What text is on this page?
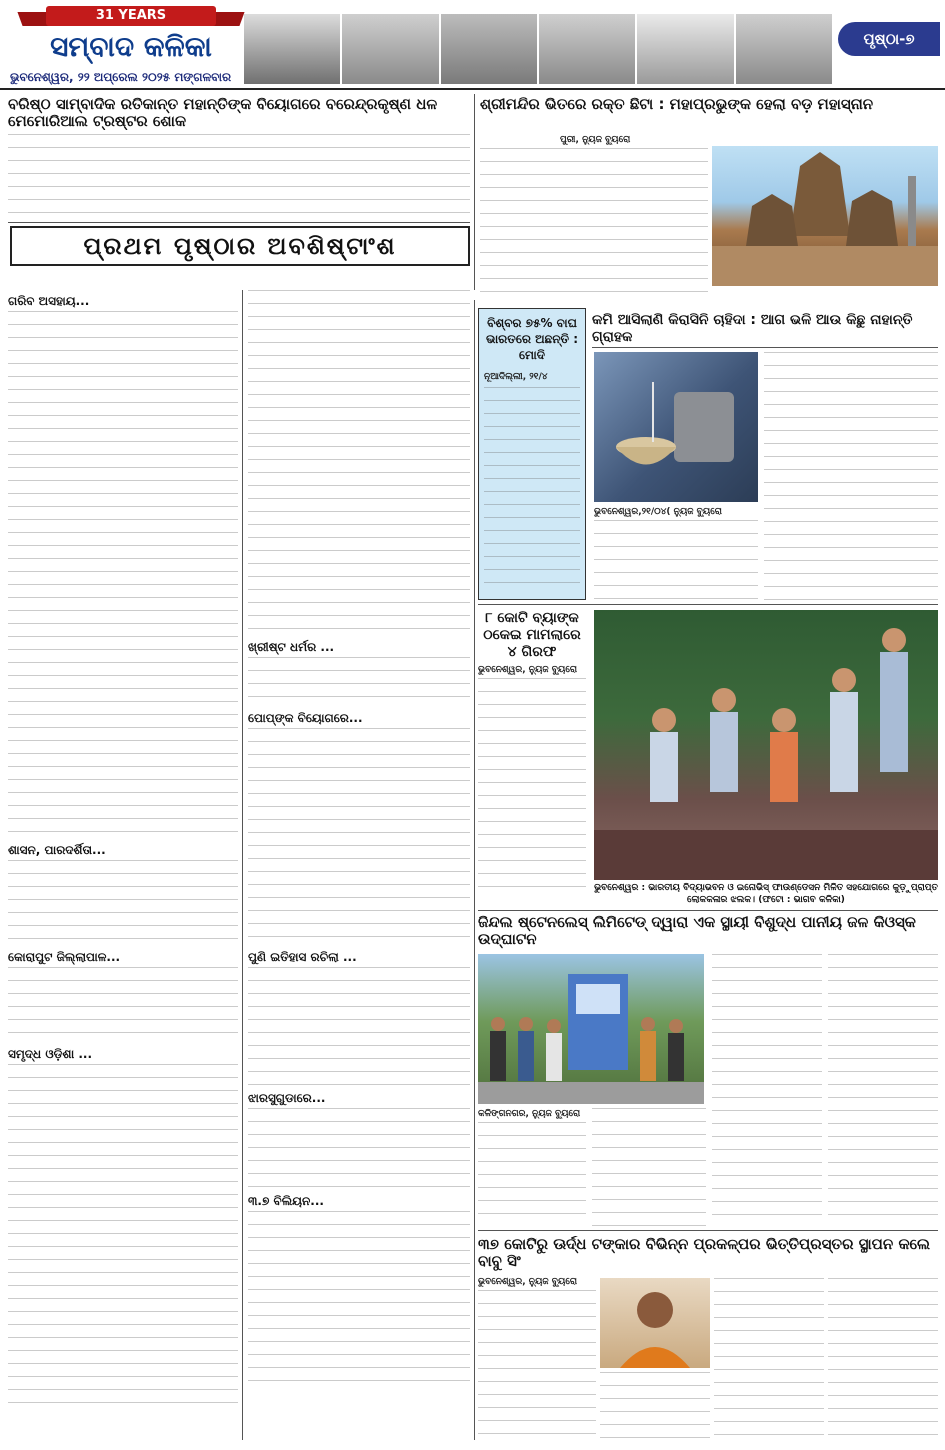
31 YEARS
ସମ୍ବାଦ କଳିକା
ଭୁବନେଶ୍ୱର, ୨୨ ଅପ୍ରେଲ ୨୦୨୫ ମଙ୍ଗଳବାର
ପୃଷ୍ଠା-୭
ବରିଷ୍ଠ ସାମ୍ବାଦିକ ରତିକାନ୍ତ ମହାନ୍ତିଙ୍କ ବିୟୋଗରେ ବରେନ୍ଦ୍ରକୃଷ୍ଣ ଧଳ ମେମୋରିଆଲ ଟ୍ରଷ୍ଟର ଶୋକ
ଶ୍ରୀମନ୍ଦିର ଭିତରେ ରକ୍ତ ଛିଟା : ମହାପ୍ରଭୁଙ୍କ ହେଲା ବଡ଼ ମହାସ୍ନାନ
ପୁରୀ, ନ୍ୟୁଜ ବ୍ୟୁରୋ
ପ୍ରଥମ ପୃଷ୍ଠାର ଅବଶିଷ୍ଟାଂଶ
ଗରିବ ଅସହାୟ...
ଶାସନ, ପାରଦର୍ଶିତା...
କୋରାପୁଟ ଜିଲ୍ଲାପାଳ...
ସମୃଦ୍ଧ ଓଡ଼ିଶା ...
ଖ୍ରୀଷ୍ଟ ଧର୍ମର ...
ପୋପ୍‌ଙ୍କ ବିୟୋଗରେ...
ପୁଣି ଇତିହାସ ରଚିଲା ...
ଝାରସୁଗୁଡାରେ...
୩.୭ ବିଲିୟନ...
ବିଶ୍ବର ୭୫% ବାଘ ଭାରତରେ ଅଛନ୍ତି : ମୋଦି
ନୂଆଦିଲ୍ଲୀ, ୨୧/୪
କମି ଆସିଲାଣି କିରାସିନି ଚାହିଦା : ଆଗ ଭଳି ଆଉ କିଛୁ ନାହାନ୍ତି ଗ୍ରାହକ
ଭୁବନେଶ୍ୱର,୨୧/୦୪( ନ୍ୟୁଜ ବ୍ୟୁରୋ
୮ କୋଟି ବ୍ୟାଙ୍କ ଠକେଇ ମାମଲାରେ ୪ ଗିରଫ
ଭୁବନେଶ୍ୱର, ନ୍ୟୁଜ ବ୍ୟୁରୋ
ଭୁବନେଶ୍ୱର : ଭାରତୀୟ ବିଦ୍ୟାଭବନ ଓ ଇନୋଭିସ୍ ଫାଉଣ୍ଡେସନ ମିଳିତ ସହଯୋଗରେ କୁଡ଼ୁପ୍ରାପ୍ତ ଲୋକକଳାର ଝଲକ। (ଫଟୋ : ଭାଗବ କଳିକା)
ଜିନ୍ଦଲ ଷ୍ଟେନଲେସ୍ ଲିମିଟେଡ୍ ଦ୍ୱାରା ଏକ ସ୍ଥାୟୀ ବିଶୁଦ୍ଧ ପାନୀୟ ଜଳ କିଓସ୍କ ଉଦ୍‌ଘାଟନ
କଳିଙ୍ଗନଗର, ନ୍ୟୁଜ ବ୍ୟୁରୋ
୩୭ କୋଟିରୁ ଊର୍ଦ୍ଧ ଟଙ୍କାର ବିଭିନ୍ନ ପ୍ରକଳ୍ପର ଭିତ୍ତିପ୍ରସ୍ତର ସ୍ଥାପନ କଲେ ବାବୁ ସିଂ
ଭୁବନେଶ୍ୱର, ନ୍ୟୁଜ ବ୍ୟୁରୋ
